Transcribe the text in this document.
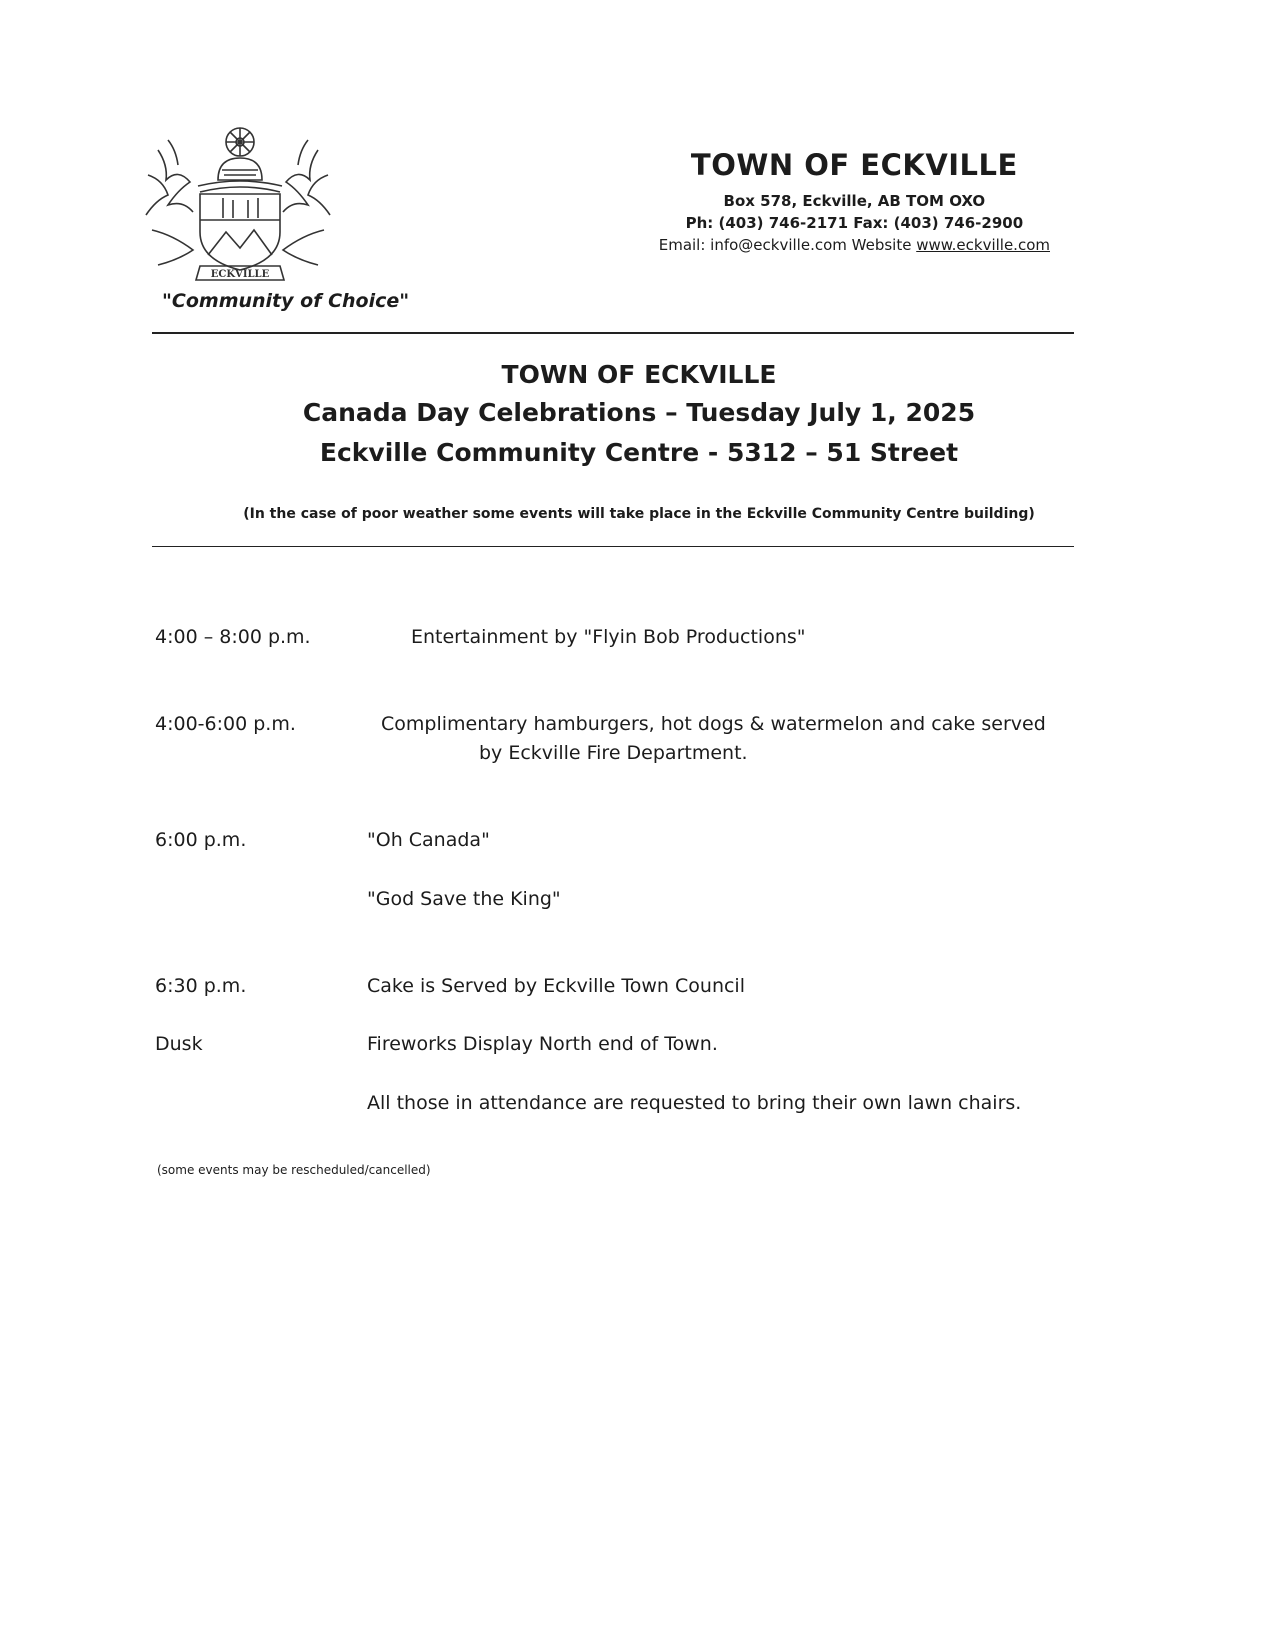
ECKVILLE
"Community of Choice"
TOWN OF ECKVILLE
Box 578, Eckville, AB TOM OXO
Ph: (403) 746-2171 Fax: (403) 746-2900
Email: info@eckville.com Website www.eckville.com
TOWN OF ECKVILLE
Canada Day Celebrations – Tuesday July 1, 2025
Eckville Community Centre - 5312 – 51 Street
(In the case of poor weather some events will take place in the Eckville Community Centre building)
4:00 – 8:00 p.m.	Entertainment by "Flyin Bob Productions"
4:00-6:00 p.m.	Complimentary hamburgers, hot dogs & watermelon and cake served
by Eckville Fire Department.
6:00 p.m.	"Oh Canada"
"God Save the King"
6:30 p.m.	Cake is Served by Eckville Town Council
Dusk	Fireworks Display North end of Town.
All those in attendance are requested to bring their own lawn chairs.
(some events may be rescheduled/cancelled)
